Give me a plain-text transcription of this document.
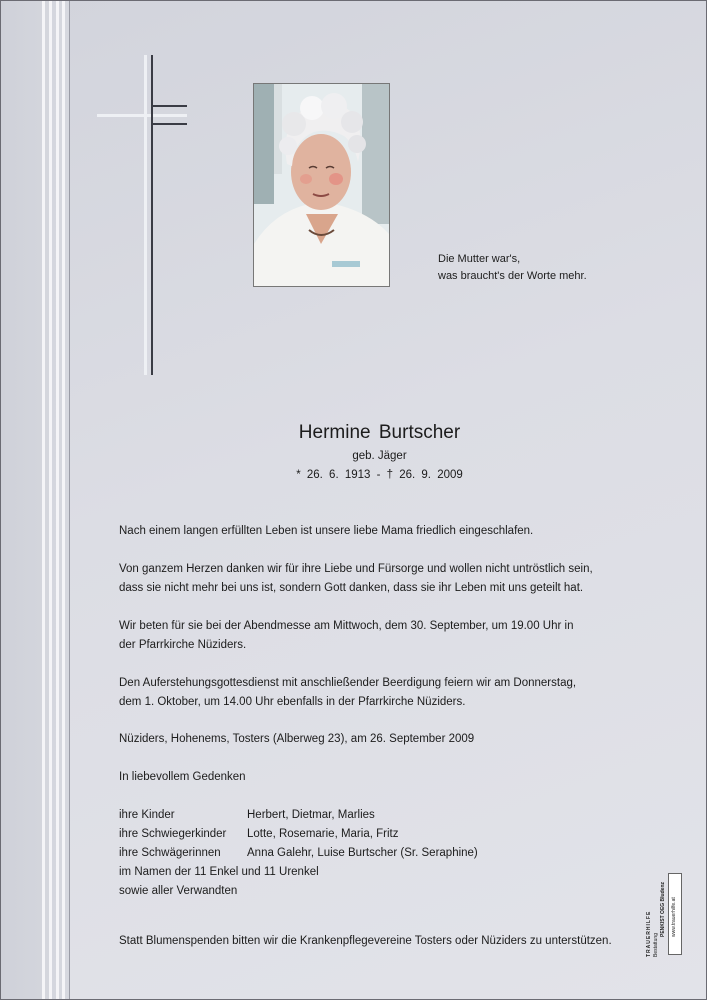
Die Mutter war's,
was braucht's der Worte mehr.
Hermine Burtscher
geb. Jäger
* 26. 6. 1913 - † 26. 9. 2009
Nach einem langen erfüllten Leben ist unsere liebe Mama friedlich eingeschlafen.
Von ganzem Herzen danken wir für ihre Liebe und Fürsorge und wollen nicht untröstlich sein,
dass sie nicht mehr bei uns ist, sondern Gott danken, dass sie ihr Leben mit uns geteilt hat.
Wir beten für sie bei der Abendmesse am Mittwoch, dem 30. September, um 19.00 Uhr in
der Pfarrkirche Nüziders.
Den Auferstehungsgottesdienst mit anschließender Beerdigung feiern wir am Donnerstag,
dem 1. Oktober, um 14.00 Uhr ebenfalls in der Pfarrkirche Nüziders.
Nüziders, Hohenems, Tosters (Alberweg 23), am 26. September 2009
In liebevollem Gedenken
ihre Kinder	Herbert, Dietmar, Marlies
ihre Schwiegerkinder	Lotte, Rosemarie, Maria, Fritz
ihre Schwägerinnen	Anna Galehr, Luise Burtscher (Sr. Seraphine)
im Namen der 11 Enkel und 11 Urenkel
sowie aller Verwandten
Statt Blumenspenden bitten wir die Krankenpflegevereine Tosters oder Nüziders zu unterstützen.	TRAUERHILFE Bestattung
PENKIST OEG Bludenz www.trauerhilfe.at
